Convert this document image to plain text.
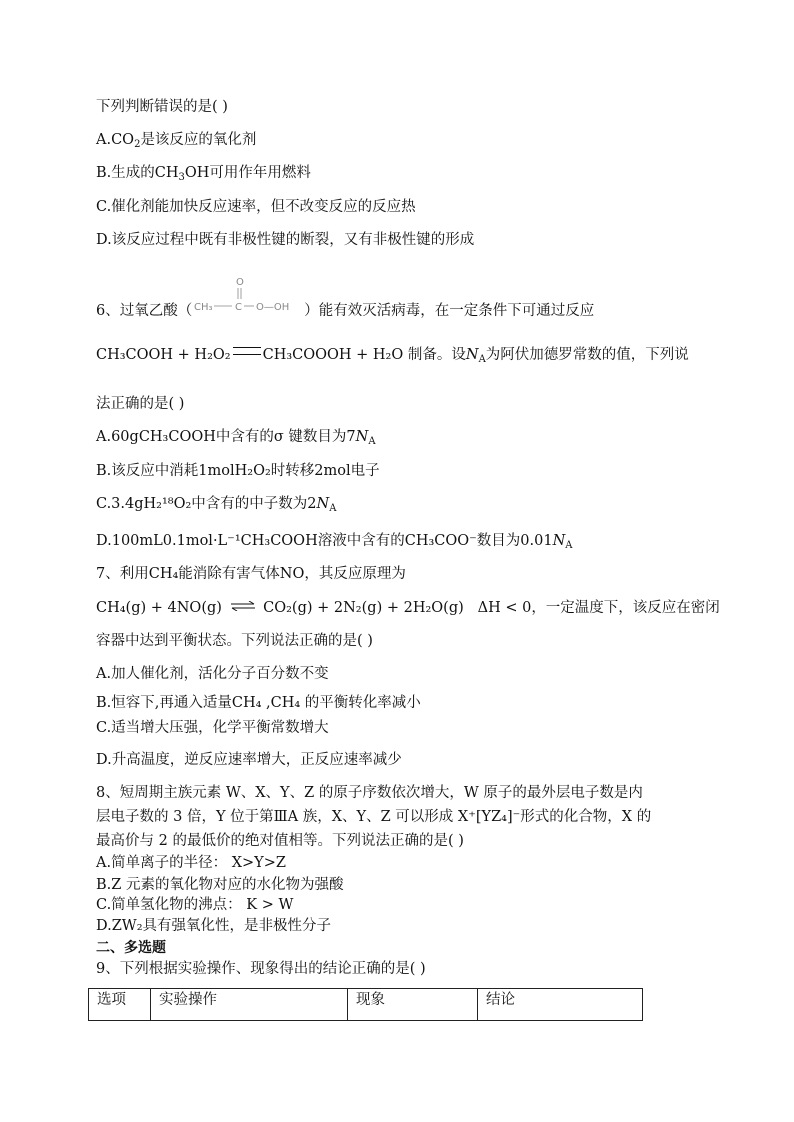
下列判断错误的是( )
$A.CO_2$是该反应的氧化剂
B.生成的$CH_3OH$可用作年用燃料
C.催化剂能加快反应速率，但不改变反应的反应热
D.该反应过程中既有非极性键的断裂，又有非极性键的形成
6、过氧乙酸（
O
CH₃ C O—OH ）能有效灭活病毒，在一定条件下可通过反应
CH₃COOH + H₂O₂ CH₃COOOH + H₂O 制备。设$N_A$为阿伏加德罗常数的值，下列说
法正确的是( )
A.60gCH₃COOH中含有的σ 键数目为$7N_A$
B.该反应中消耗1molH₂O₂时转移2mol电子
C.3.4gH₂¹⁸O₂中含有的中子数为$2N_A$
D.100mL0.1mol·L⁻¹CH₃COOH溶液中含有的CH₃COO⁻数目为$0.01N_A$
7、利用CH₄能消除有害气体NO，其反应原理为
CH₄(g) + 4NO(g) ⇌ CO₂(g) + 2N₂(g) + 2H₂O(g) ΔH < 0，一定温度下，该反应在密闭
容器中达到平衡状态。下列说法正确的是( )
A.加人催化剂，活化分子百分数不变
B.恒容下,再通入适量CH₄ ,CH₄ 的平衡转化率减小
C.适当增大压强，化学平衡常数增大
D.升高温度，逆反应速率增大，正反应速率减少
8、短周期主族元素 W、X、Y、Z 的原子序数依次增大，W 原子的最外层电子数是内
层电子数的 3 倍，Y 位于第ⅢA 族，X、Y、Z 可以形成 X⁺[YZ₄]⁻形式的化合物，X 的
最高价与 2 的最低价的绝对值相等。下列说法正确的是( )
A.简单离子的半径： X>Y>Z
B.Z 元素的氧化物对应的水化物为强酸
C.简单氢化物的沸点： K > W
D.ZW₂具有强氧化性，是非极性分子
二、多选题
9、下列根据实验操作、现象得出的结论正确的是( )
选项	实验操作	现象	结论
